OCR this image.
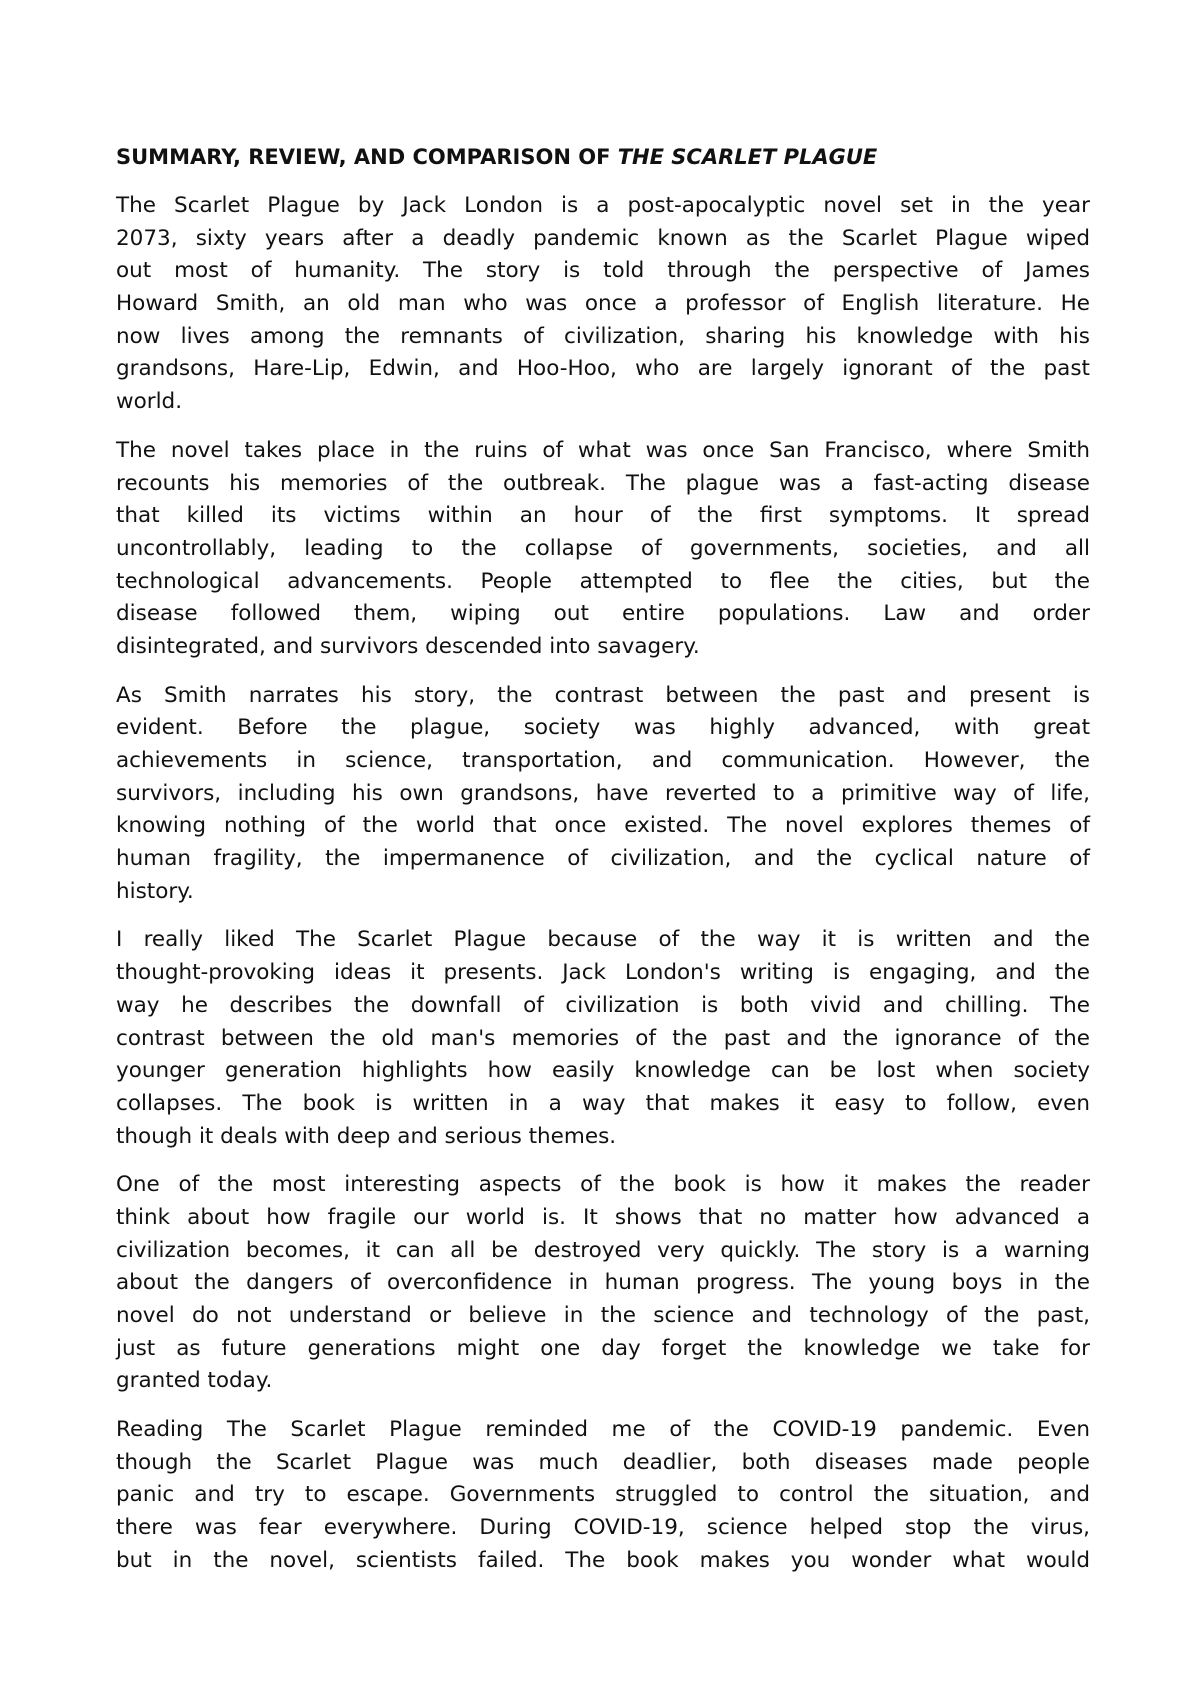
SUMMARY, REVIEW, AND COMPARISON OF THE SCARLET PLAGUE
The Scarlet Plague by Jack London is a post-apocalyptic novel set in the year
2073, sixty years after a deadly pandemic known as the Scarlet Plague wiped
out most of humanity. The story is told through the perspective of James
Howard Smith, an old man who was once a professor of English literature. He
now lives among the remnants of civilization, sharing his knowledge with his
grandsons, Hare-Lip, Edwin, and Hoo-Hoo, who are largely ignorant of the past
world.
The novel takes place in the ruins of what was once San Francisco, where Smith
recounts his memories of the outbreak. The plague was a fast-acting disease
that killed its victims within an hour of the first symptoms. It spread
uncontrollably, leading to the collapse of governments, societies, and all
technological advancements. People attempted to flee the cities, but the
disease followed them, wiping out entire populations. Law and order
disintegrated, and survivors descended into savagery.
As Smith narrates his story, the contrast between the past and present is
evident. Before the plague, society was highly advanced, with great
achievements in science, transportation, and communication. However, the
survivors, including his own grandsons, have reverted to a primitive way of life,
knowing nothing of the world that once existed. The novel explores themes of
human fragility, the impermanence of civilization, and the cyclical nature of
history.
I really liked The Scarlet Plague because of the way it is written and the
thought-provoking ideas it presents. Jack London's writing is engaging, and the
way he describes the downfall of civilization is both vivid and chilling. The
contrast between the old man's memories of the past and the ignorance of the
younger generation highlights how easily knowledge can be lost when society
collapses. The book is written in a way that makes it easy to follow, even
though it deals with deep and serious themes.
One of the most interesting aspects of the book is how it makes the reader
think about how fragile our world is. It shows that no matter how advanced a
civilization becomes, it can all be destroyed very quickly. The story is a warning
about the dangers of overconfidence in human progress. The young boys in the
novel do not understand or believe in the science and technology of the past,
just as future generations might one day forget the knowledge we take for
granted today.
Reading The Scarlet Plague reminded me of the COVID-19 pandemic. Even
though the Scarlet Plague was much deadlier, both diseases made people
panic and try to escape. Governments struggled to control the situation, and
there was fear everywhere. During COVID-19, science helped stop the virus,
but in the novel, scientists failed. The book makes you wonder what would
